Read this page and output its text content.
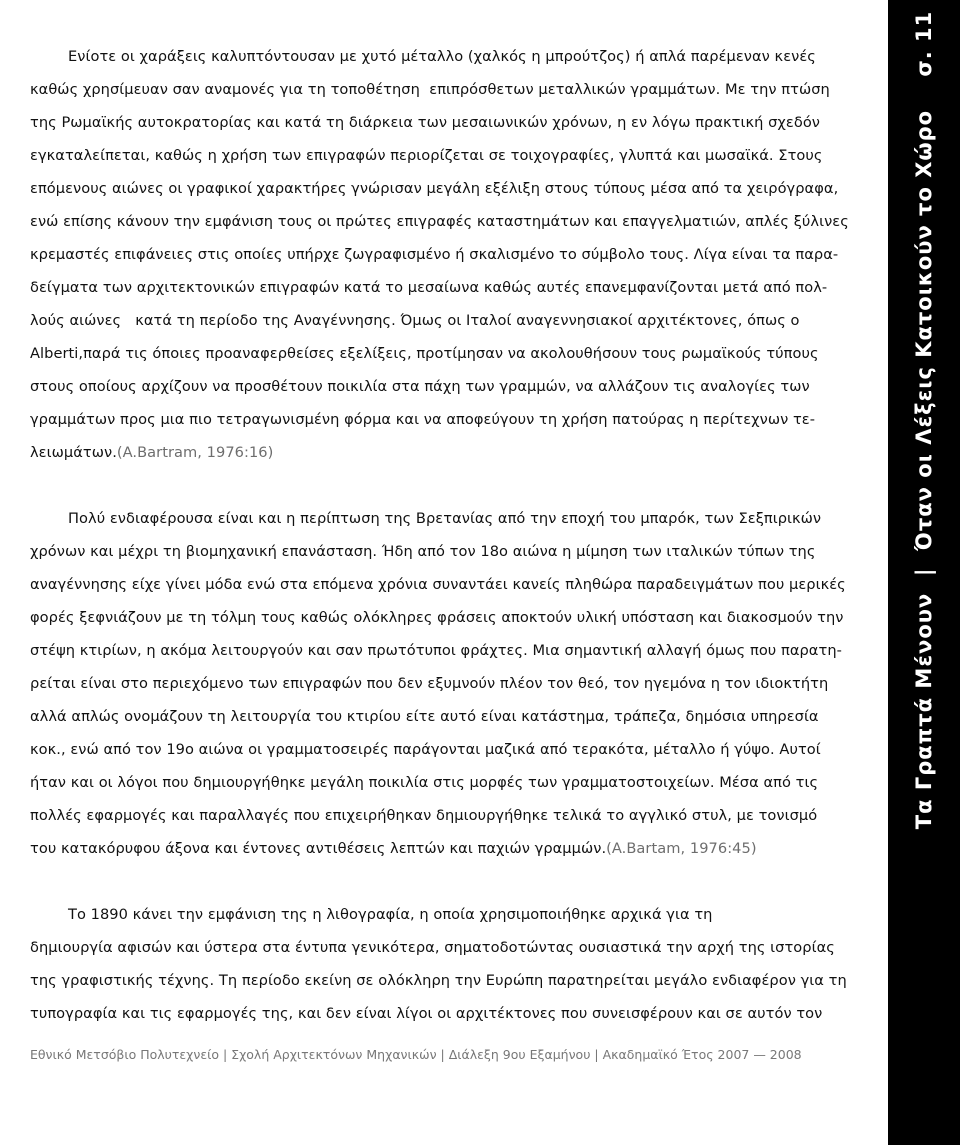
Ενίοτε οι χαράξεις καλυπτόντουσαν με χυτό μέταλλο (χαλκός η μπρούτζος) ή απλά παρέμεναν κενές
καθώς χρησίμευαν σαν αναμονές για τη τοποθέτηση  επιπρόσθετων μεταλλικών γραμμάτων. Με την πτώση
της Ρωμαϊκής αυτοκρατορίας και κατά τη διάρκεια των μεσαιωνικών χρόνων, η εν λόγω πρακτική σχεδόν
εγκαταλείπεται, καθώς η χρήση των επιγραφών περιορίζεται σε τοιχογραφίες, γλυπτά και μωσαϊκά. Στους
επόμενους αιώνες οι γραφικοί χαρακτήρες γνώρισαν μεγάλη εξέλιξη στους τύπους μέσα από τα χειρόγραφα,
ενώ επίσης κάνουν την εμφάνιση τους οι πρώτες επιγραφές καταστημάτων και επαγγελματιών, απλές ξύλινες
κρεμαστές επιφάνειες στις οποίες υπήρχε ζωγραφισμένο ή σκαλισμένο το σύμβολο τους. Λίγα είναι τα παρα-
δείγματα των αρχιτεκτονικών επιγραφών κατά το μεσαίωνα καθώς αυτές επανεμφανίζονται μετά από πολ-
λούς αιώνες   κατά τη περίοδο της Αναγέννησης. Όμως οι Ιταλοί αναγεννησιακοί αρχιτέκτονες, όπως ο
Alberti,παρά τις όποιες προαναφερθείσες εξελίξεις, προτίμησαν να ακολουθήσουν τους ρωμαϊκούς τύπους
στους οποίους αρχίζουν να προσθέτουν ποικιλία στα πάχη των γραμμών, να αλλάζουν τις αναλογίες των
γραμμάτων προς μια πιο τετραγωνισμένη φόρμα και να αποφεύγουν τη χρήση πατούρας η περίτεχνων τε-
λειωμάτων.(A.Bartram, 1976:16)
Πολύ ενδιαφέρουσα είναι και η περίπτωση της Βρετανίας από την εποχή του μπαρόκ, των Σεξπιρικών
χρόνων και μέχρι τη βιομηχανική επανάσταση. Ήδη από τον 18ο αιώνα η μίμηση των ιταλικών τύπων της
αναγέννησης είχε γίνει μόδα ενώ στα επόμενα χρόνια συναντάει κανείς πληθώρα παραδειγμάτων που μερικές
φορές ξεφνιάζουν με τη τόλμη τους καθώς ολόκληρες φράσεις αποκτούν υλική υπόσταση και διακοσμούν την
στέψη κτιρίων, η ακόμα λειτουργούν και σαν πρωτότυποι φράχτες. Μια σημαντική αλλαγή όμως που παρατη-
ρείται είναι στο περιεχόμενο των επιγραφών που δεν εξυμνούν πλέον τον θεό, τον ηγεμόνα η τον ιδιοκτήτη
αλλά απλώς ονομάζουν τη λειτουργία του κτιρίου είτε αυτό είναι κατάστημα, τράπεζα, δημόσια υπηρεσία
κοκ., ενώ από τον 19ο αιώνα οι γραμματοσειρές παράγονται μαζικά από τερακότα, μέταλλο ή γύψο. Αυτοί
ήταν και οι λόγοι που δημιουργήθηκε μεγάλη ποικιλία στις μορφές των γραμματοστοιχείων. Μέσα από τις
πολλές εφαρμογές και παραλλαγές που επιχειρήθηκαν δημιουργήθηκε τελικά το αγγλικό στυλ, με τονισμό
του κατακόρυφου άξονα και έντονες αντιθέσεις λεπτών και παχιών γραμμών.(A.Bartam, 1976:45)
Το 1890 κάνει την εμφάνιση της η λιθογραφία, η οποία χρησιμοποιήθηκε αρχικά για τη
δημιουργία αφισών και ύστερα στα έντυπα γενικότερα, σηματοδοτώντας ουσιαστικά την αρχή της ιστορίας
της γραφιστικής τέχνης. Τη περίοδο εκείνη σε ολόκληρη την Ευρώπη παρατηρείται μεγάλο ενδιαφέρον για τη
τυπογραφία και τις εφαρμογές της, και δεν είναι λίγοι οι αρχιτέκτονες που συνεισφέρουν και σε αυτόν τον
Εθνικό Μετσόβιο Πολυτεχνείο | Σχολή Αρχιτεκτόνων Μηχανικών | Διάλεξη 9ου Εξαμήνου | Ακαδημαϊκό Έτος 2007 — 2008
Τα Γραπτά Μένουν  |  Όταν οι Λέξεις Κατοικούν το Χώρο    σ. 11
